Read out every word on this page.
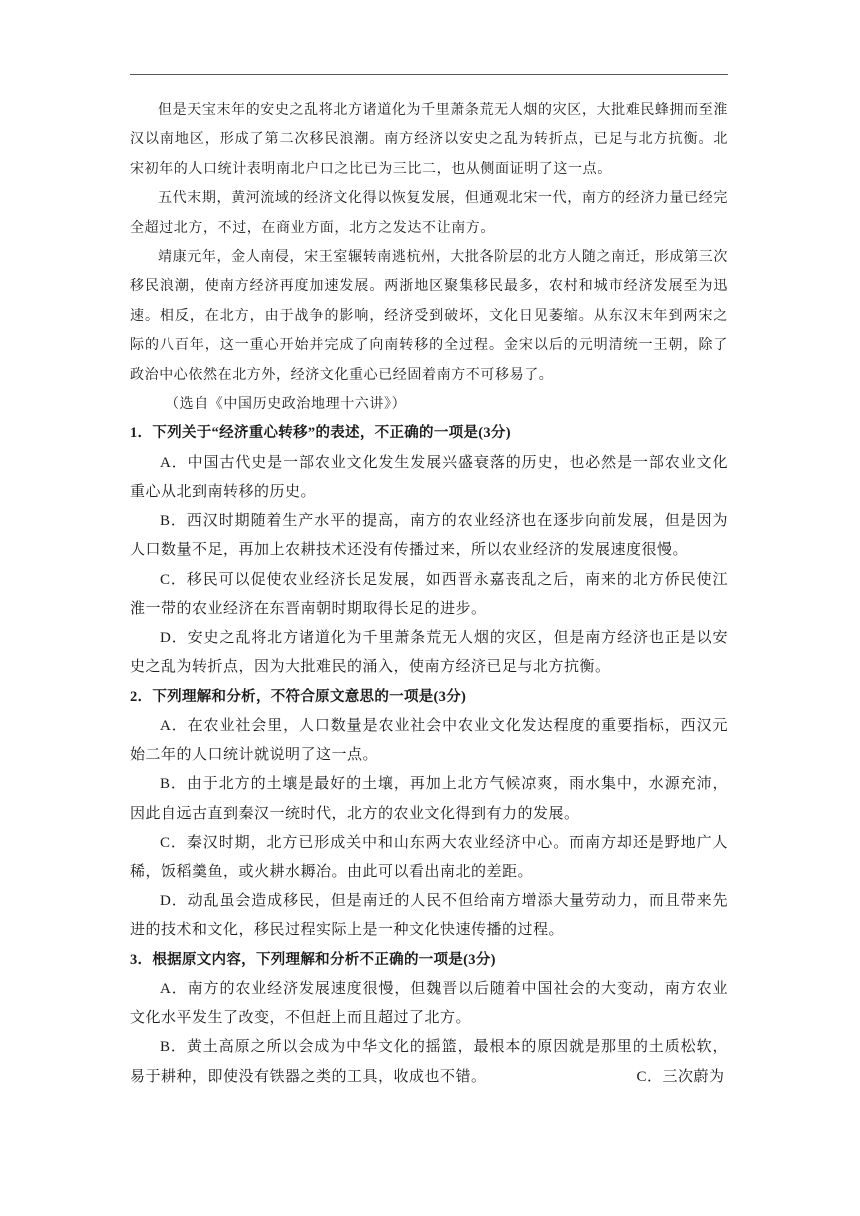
但是天宝末年的安史之乱将北方诸道化为千里萧条荒无人烟的灾区，大批难民蜂拥而至淮汉以南地区，形成了第二次移民浪潮。南方经济以安史之乱为转折点，已足与北方抗衡。北宋初年的人口统计表明南北户口之比已为三比二，也从侧面证明了这一点。

五代末期，黄河流域的经济文化得以恢复发展，但通观北宋一代，南方的经济力量已经完全超过北方，不过，在商业方面，北方之发达不让南方。

靖康元年，金人南侵，宋王室辗转南逃杭州，大批各阶层的北方人随之南迁，形成第三次移民浪潮，使南方经济再度加速发展。两浙地区聚集移民最多，农村和城市经济发展至为迅速。相反，在北方，由于战争的影响，经济受到破坏，文化日见萎缩。从东汉末年到两宋之际的八百年，这一重心开始并完成了向南转移的全过程。金宋以后的元明清统一王朝，除了政治中心依然在北方外，经济文化重心已经固着南方不可移易了。

（选自《中国历史政治地理十六讲》）

1．下列关于“经济重心转移”的表述，不正确的一项是(3分)

A．中国古代史是一部农业文化发生发展兴盛衰落的历史，也必然是一部农业文化 重心从北到南转移的历史。

B．西汉时期随着生产水平的提高，南方的农业经济也在逐步向前发展，但是因为 人口数量不足，再加上农耕技术还没有传播过来，所以农业经济的发展速度很慢。

C．移民可以促使农业经济长足发展，如西晋永嘉丧乱之后，南来的北方侨民使江 淮一带的农业经济在东晋南朝时期取得长足的进步。

D．安史之乱将北方诸道化为千里萧条荒无人烟的灾区，但是南方经济也正是以安 史之乱为转折点，因为大批难民的涌入，使南方经济已足与北方抗衡。

2．下列理解和分析，不符合原文意思的一项是(3分)

A．在农业社会里，人口数量是农业社会中农业文化发达程度的重要指标，西汉元 始二年的人口统计就说明了这一点。

B．由于北方的土壤是最好的土壤，再加上北方气候凉爽，雨水集中，水源充沛， 因此自远古直到秦汉一统时代，北方的农业文化得到有力的发展。

C．秦汉时期，北方已形成关中和山东两大农业经济中心。而南方却还是野地广人 稀，饭稻羹鱼，或火耕水耨冶。由此可以看出南北的差距。

D．动乱虽会造成移民，但是南迁的人民不但给南方增添大量劳动力，而且带来先 进的技术和文化，移民过程实际上是一种文化快速传播的过程。

3．根据原文内容，下列理解和分析不正确的一项是(3分)

A．南方的农业经济发展速度很慢，但魏晋以后随着中国社会的大变动，南方农业 文化水平发生了改变，不但赶上而且超过了北方。

B．黄土高原之所以会成为中华文化的摇篮，最根本的原因就是那里的土质松软， 易于耕种，即使没有铁器之类的工具，收成也不错。	C．三次蔚为
